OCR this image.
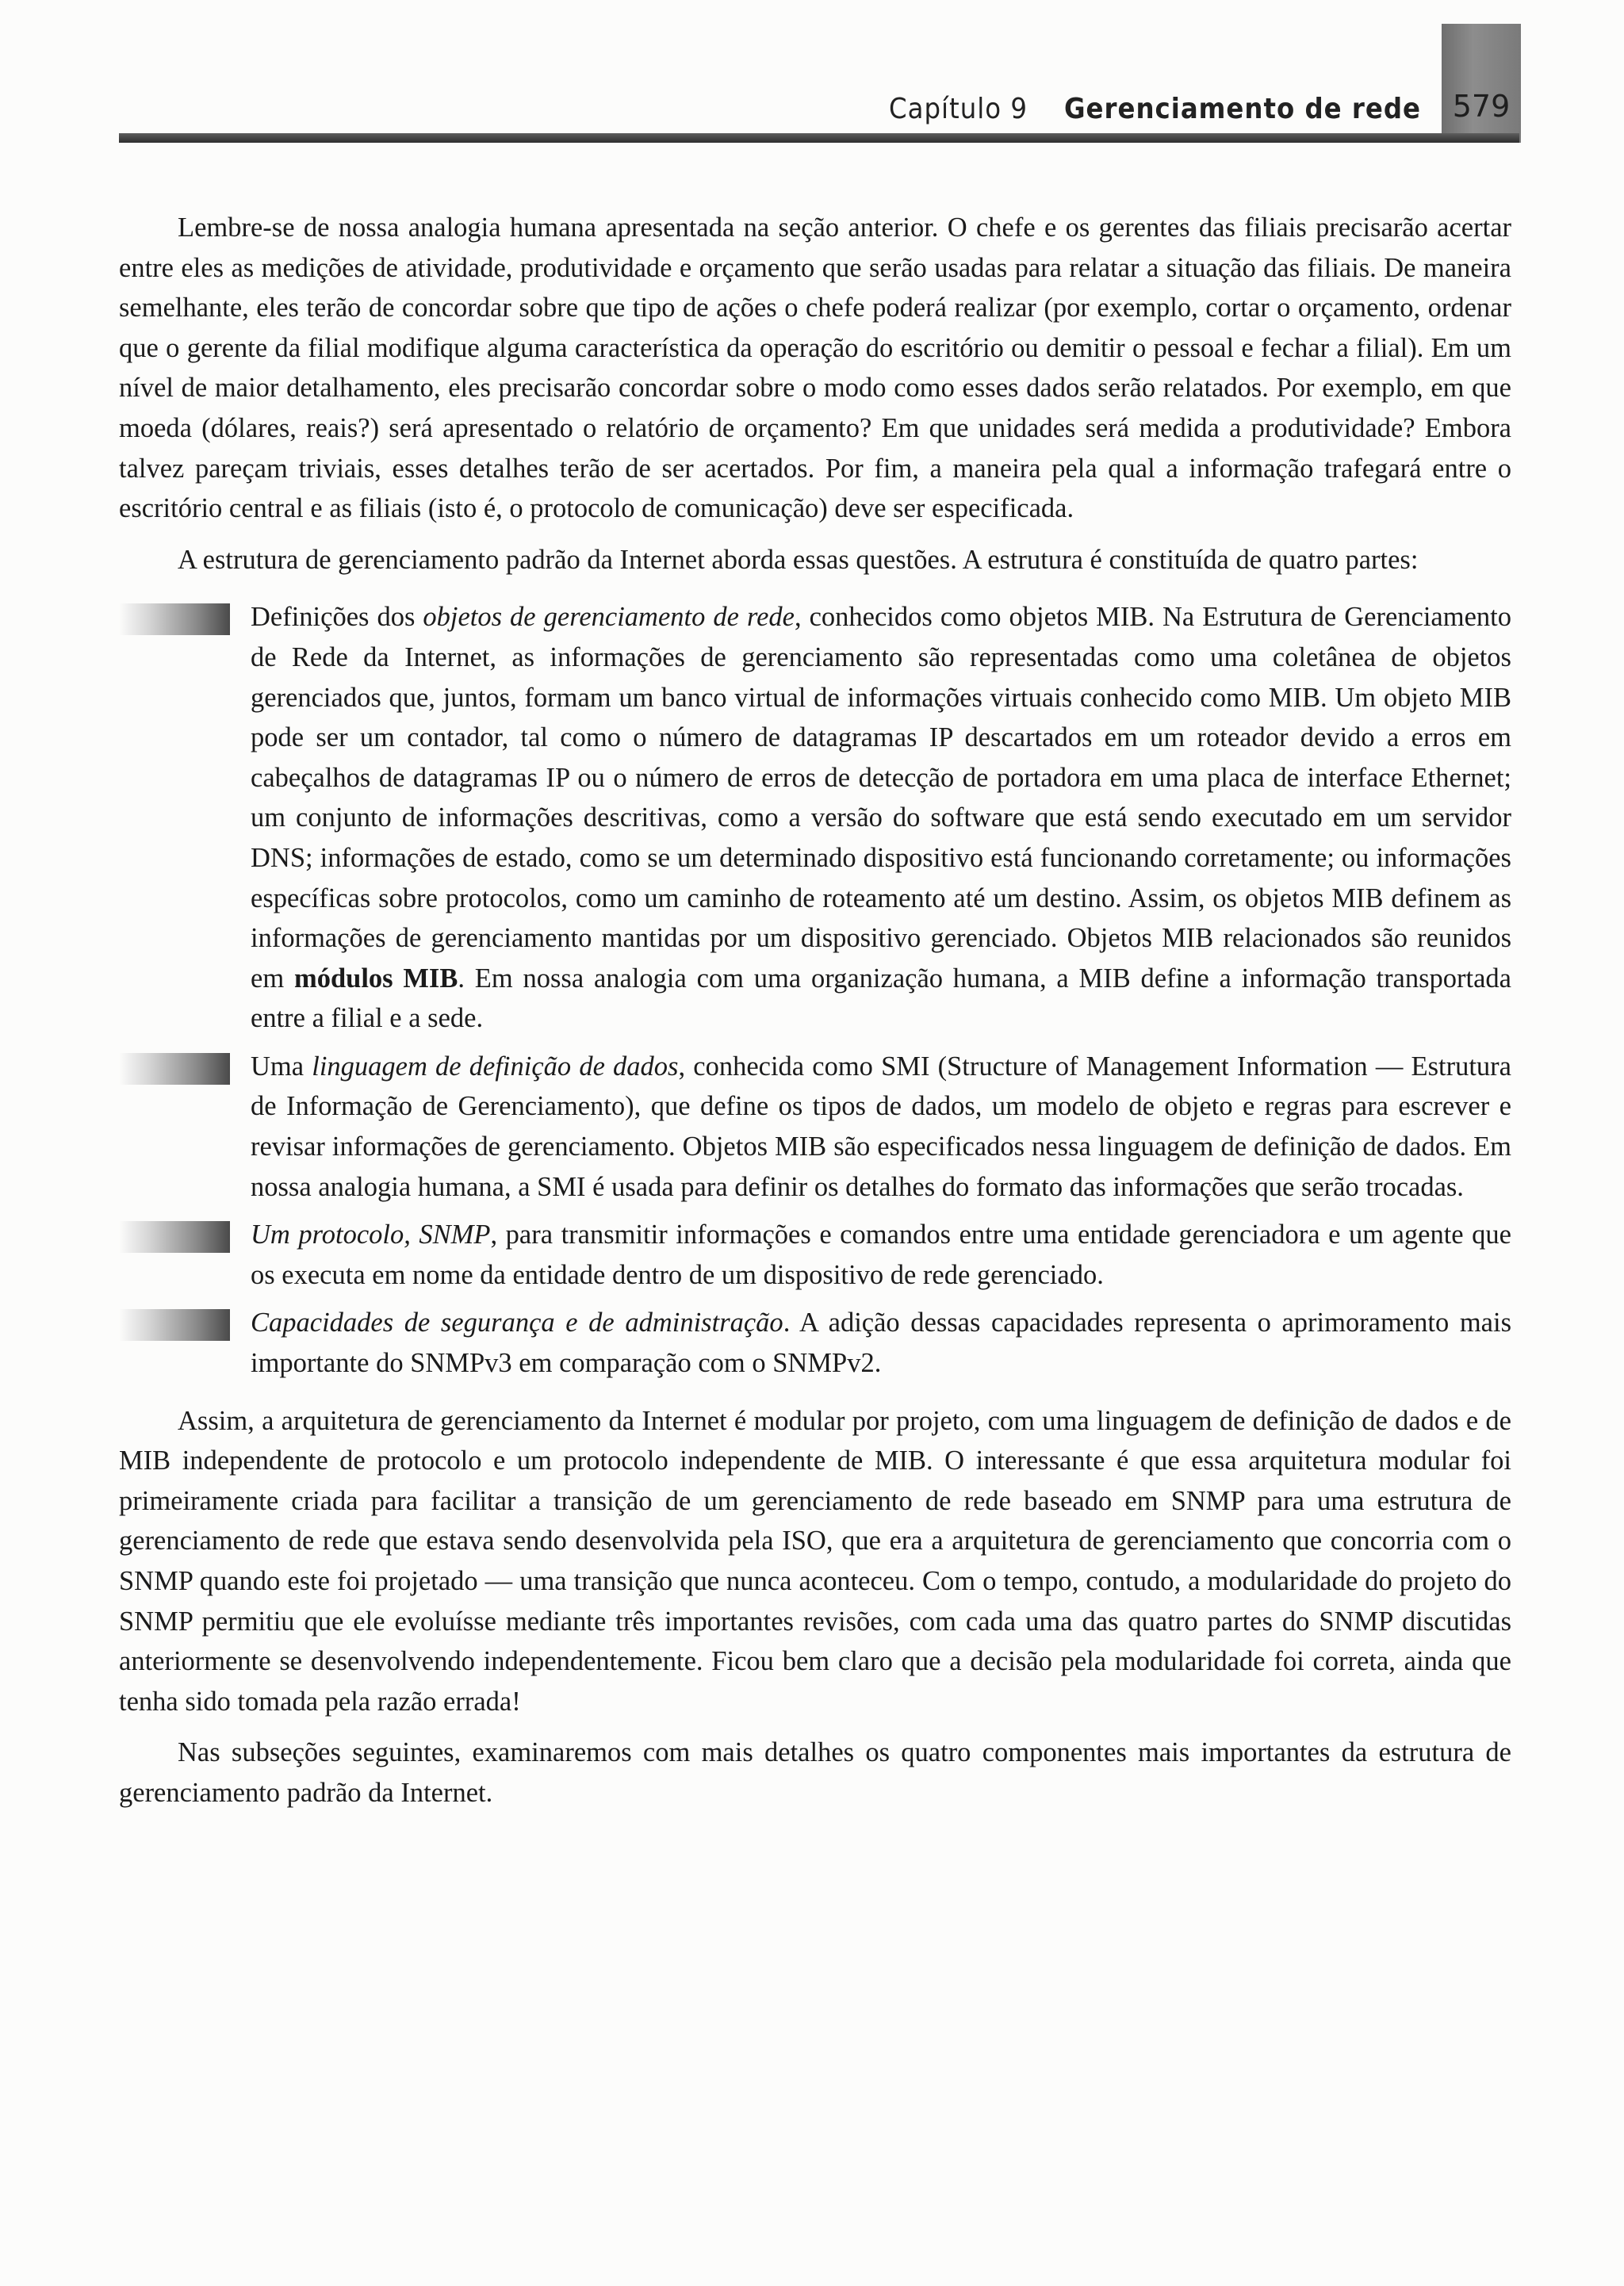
579
Capítulo 9 Gerenciamento de rede

Lembre-se de nossa analogia humana apresentada na seção anterior. O chefe e os gerentes das filiais precisarão acertar entre eles as medições de atividade, produtividade e orçamento que serão usadas para relatar a situação das filiais. De maneira semelhante, eles terão de concordar sobre que tipo de ações o chefe poderá realizar (por exemplo, cortar o orçamento, ordenar que o gerente da filial modifique alguma característica da operação do escritório ou demitir o pessoal e fechar a filial). Em um nível de maior detalhamento, eles precisarão concordar sobre o modo como esses dados serão relatados. Por exemplo, em que moeda (dólares, reais?) será apresentado o relatório de orçamento? Em que unidades será medida a produtividade? Embora talvez pareçam triviais, esses detalhes terão de ser acertados. Por fim, a maneira pela qual a informação trafegará entre o escritório central e as filiais (isto é, o protocolo de comunicação) deve ser especificada.

A estrutura de gerenciamento padrão da Internet aborda essas questões. A estrutura é constituída de quatro partes:

Definições dos objetos de gerenciamento de rede, conhecidos como objetos MIB. Na Estrutura de Gerenciamento de Rede da Internet, as informações de gerenciamento são representadas como uma coletânea de objetos gerenciados que, juntos, formam um banco virtual de informações virtuais conhecido como MIB. Um objeto MIB pode ser um contador, tal como o número de datagramas IP descartados em um roteador devido a erros em cabeçalhos de datagramas IP ou o número de erros de detecção de portadora em uma placa de interface Ethernet; um conjunto de informações descritivas, como a versão do software que está sendo executado em um servidor DNS; informações de estado, como se um determinado dispositivo está funcionando corretamente; ou informações específicas sobre protocolos, como um caminho de roteamento até um destino. Assim, os objetos MIB definem as informações de gerenciamento mantidas por um dispositivo gerenciado. Objetos MIB relacionados são reunidos em módulos MIB. Em nossa analogia com uma organização humana, a MIB define a informação transportada entre a filial e a sede.

Uma linguagem de definição de dados, conhecida como SMI (Structure of Management Information — Estrutura de Informação de Gerenciamento), que define os tipos de dados, um modelo de objeto e regras para escrever e revisar informações de gerenciamento. Objetos MIB são especificados nessa linguagem de definição de dados. Em nossa analogia humana, a SMI é usada para definir os detalhes do formato das informações que serão trocadas.

Um protocolo, SNMP, para transmitir informações e comandos entre uma entidade gerenciadora e um agente que os executa em nome da entidade dentro de um dispositivo de rede gerenciado.

Capacidades de segurança e de administração. A adição dessas capacidades representa o aprimoramento mais importante do SNMPv3 em comparação com o SNMPv2.

Assim, a arquitetura de gerenciamento da Internet é modular por projeto, com uma linguagem de definição de dados e de MIB independente de protocolo e um protocolo independente de MIB. O interessante é que essa arquitetura modular foi primeiramente criada para facilitar a transição de um gerenciamento de rede baseado em SNMP para uma estrutura de gerenciamento de rede que estava sendo desenvolvida pela ISO, que era a arquitetura de gerenciamento que concorria com o SNMP quando este foi projetado — uma transição que nunca aconteceu. Com o tempo, contudo, a modularidade do projeto do SNMP permitiu que ele evoluísse mediante três importantes revisões, com cada uma das quatro partes do SNMP discutidas anteriormente se desenvolvendo independentemente. Ficou bem claro que a decisão pela modularidade foi correta, ainda que tenha sido tomada pela razão errada!

Nas subseções seguintes, examinaremos com mais detalhes os quatro componentes mais importantes da estrutura de gerenciamento padrão da Internet.
